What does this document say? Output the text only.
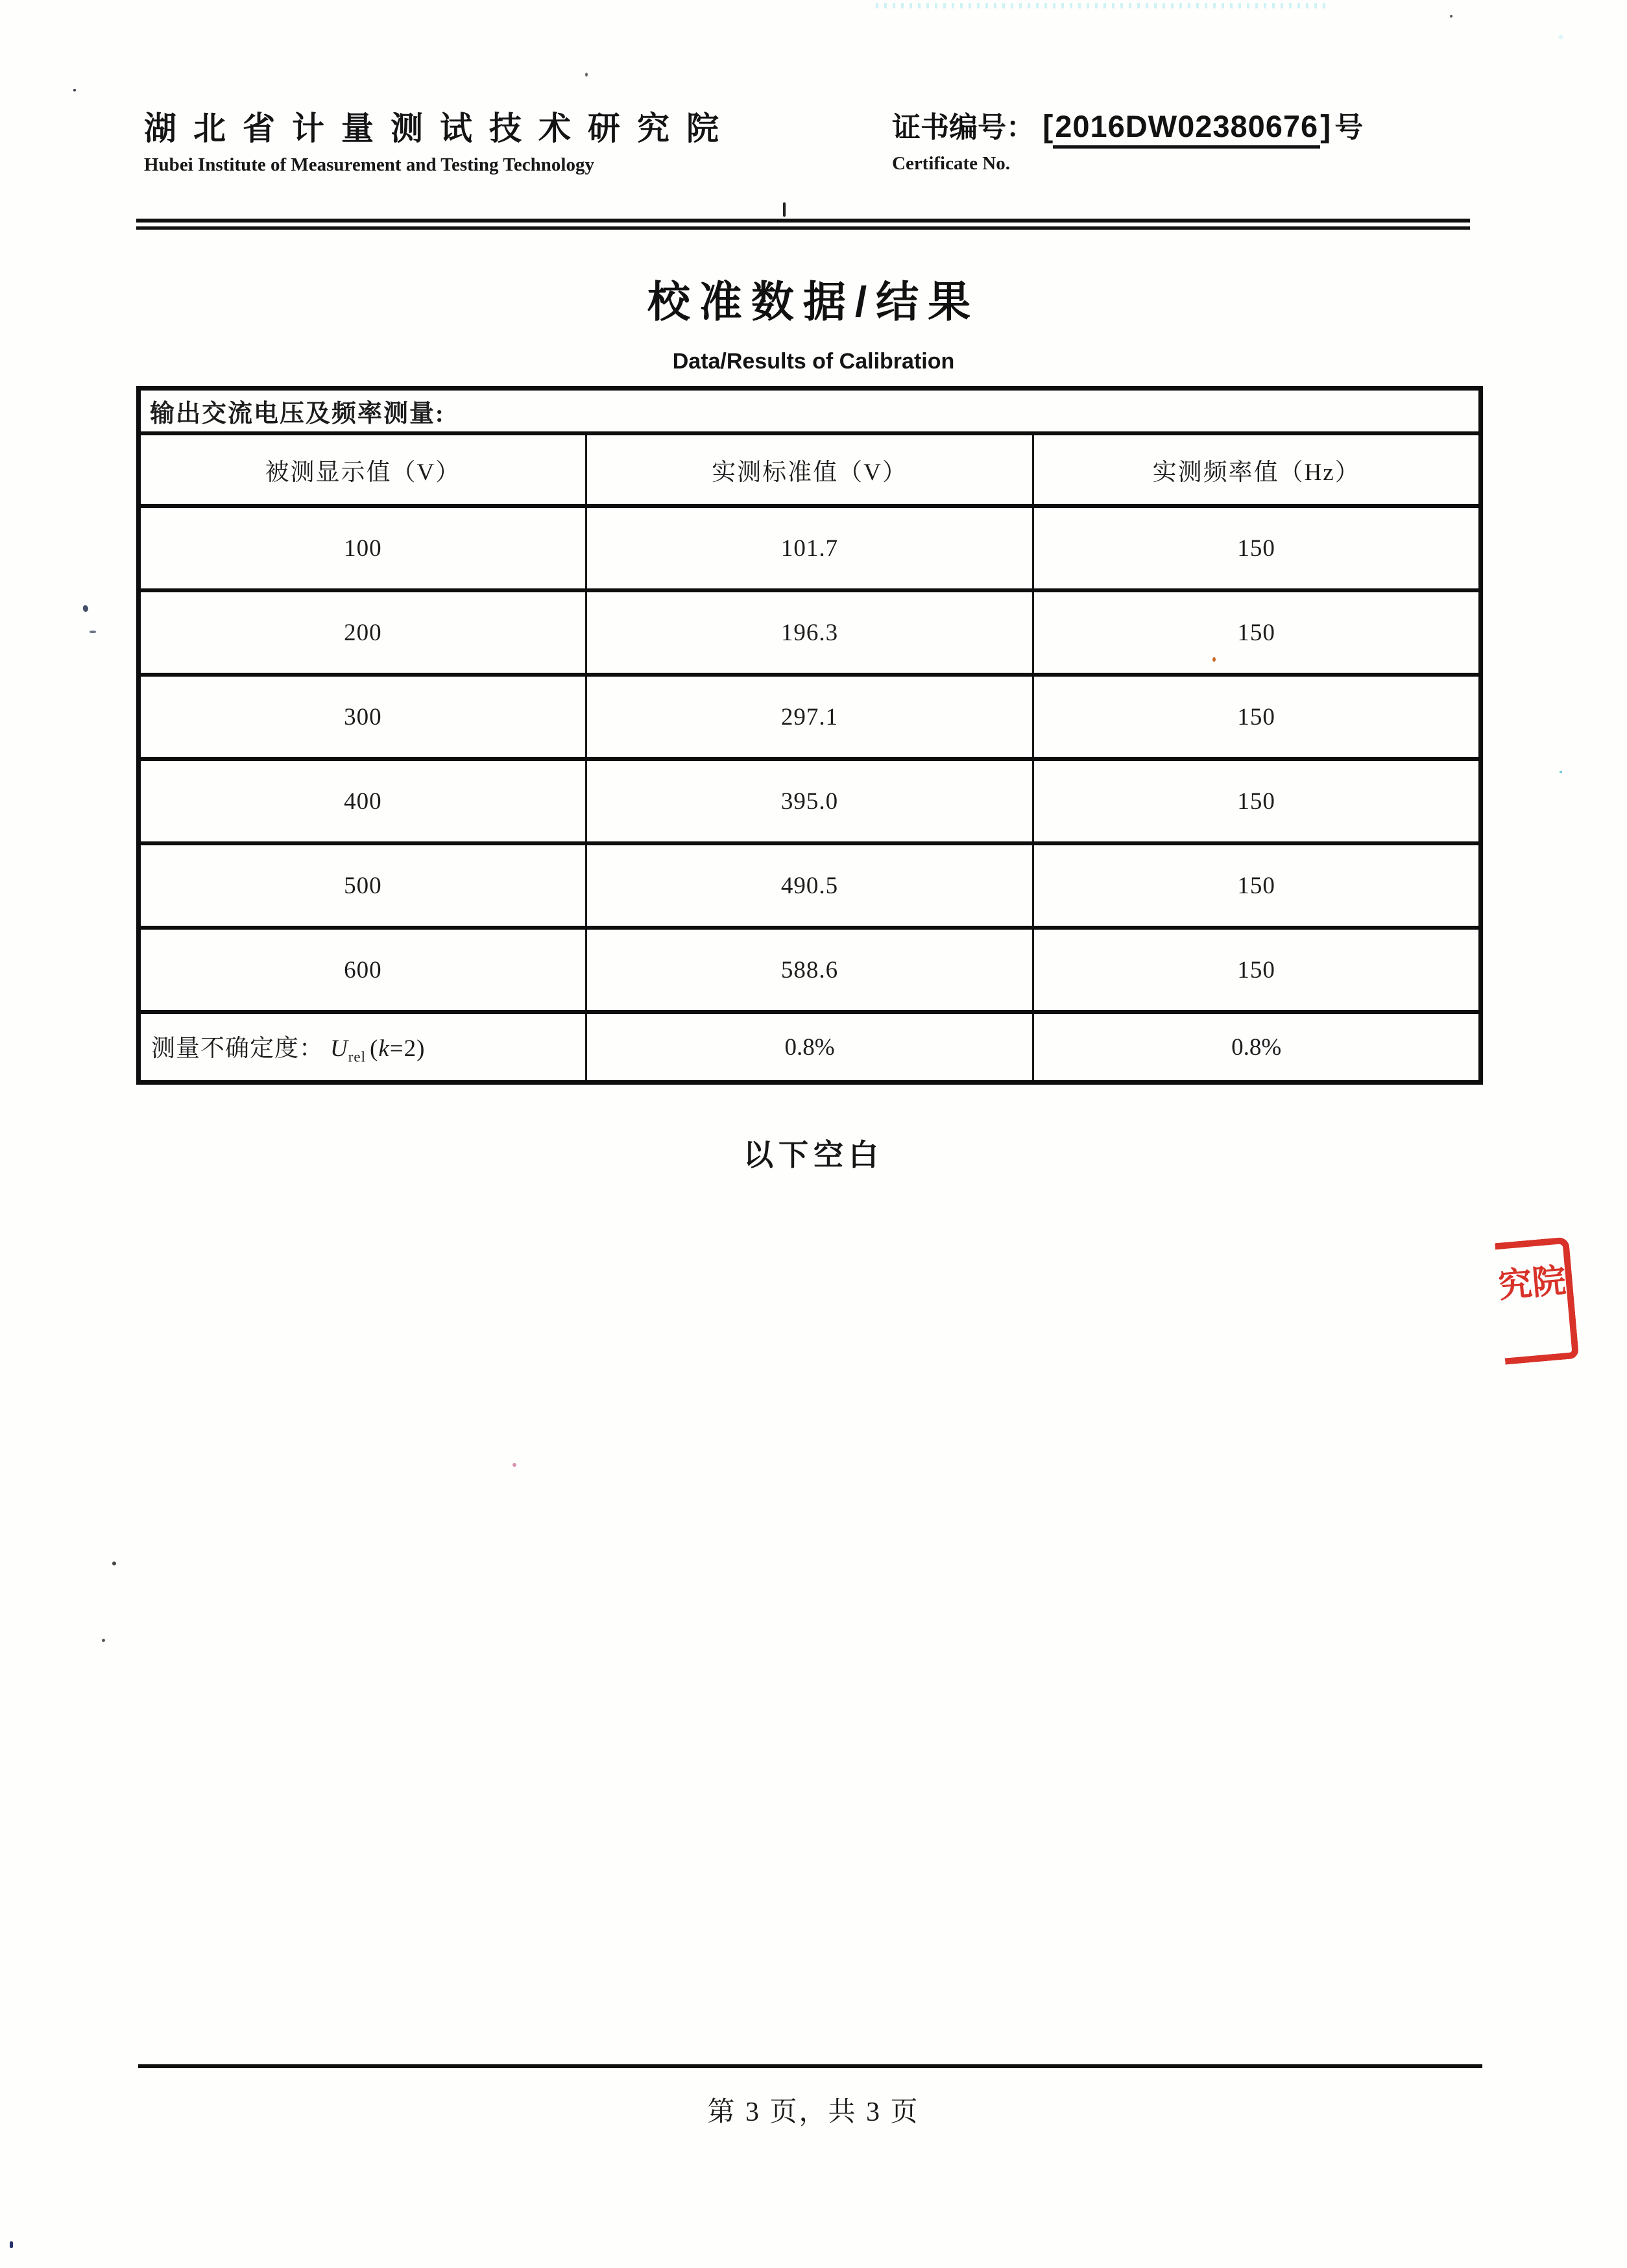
湖北省计量测试技术研究院
Hubei Institute of Measurement and Testing Technology
证书编号： [2016DW02380676] 号
Certificate No.
校准数据/结果
Data/Results of Calibration
输出交流电压及频率测量:		
被测显示值（V）	实测标准值（V）	实测频率值（Hz）
100	101.7	150
200	196.3	150
300	297.1	150
400	395.0	150
500	490.5	150
600	588.6	150
测量不确定度： $U_{rel}$ (k=2)	0.8%	0.8%
以下空白
究院
第 3 页，共 3 页
